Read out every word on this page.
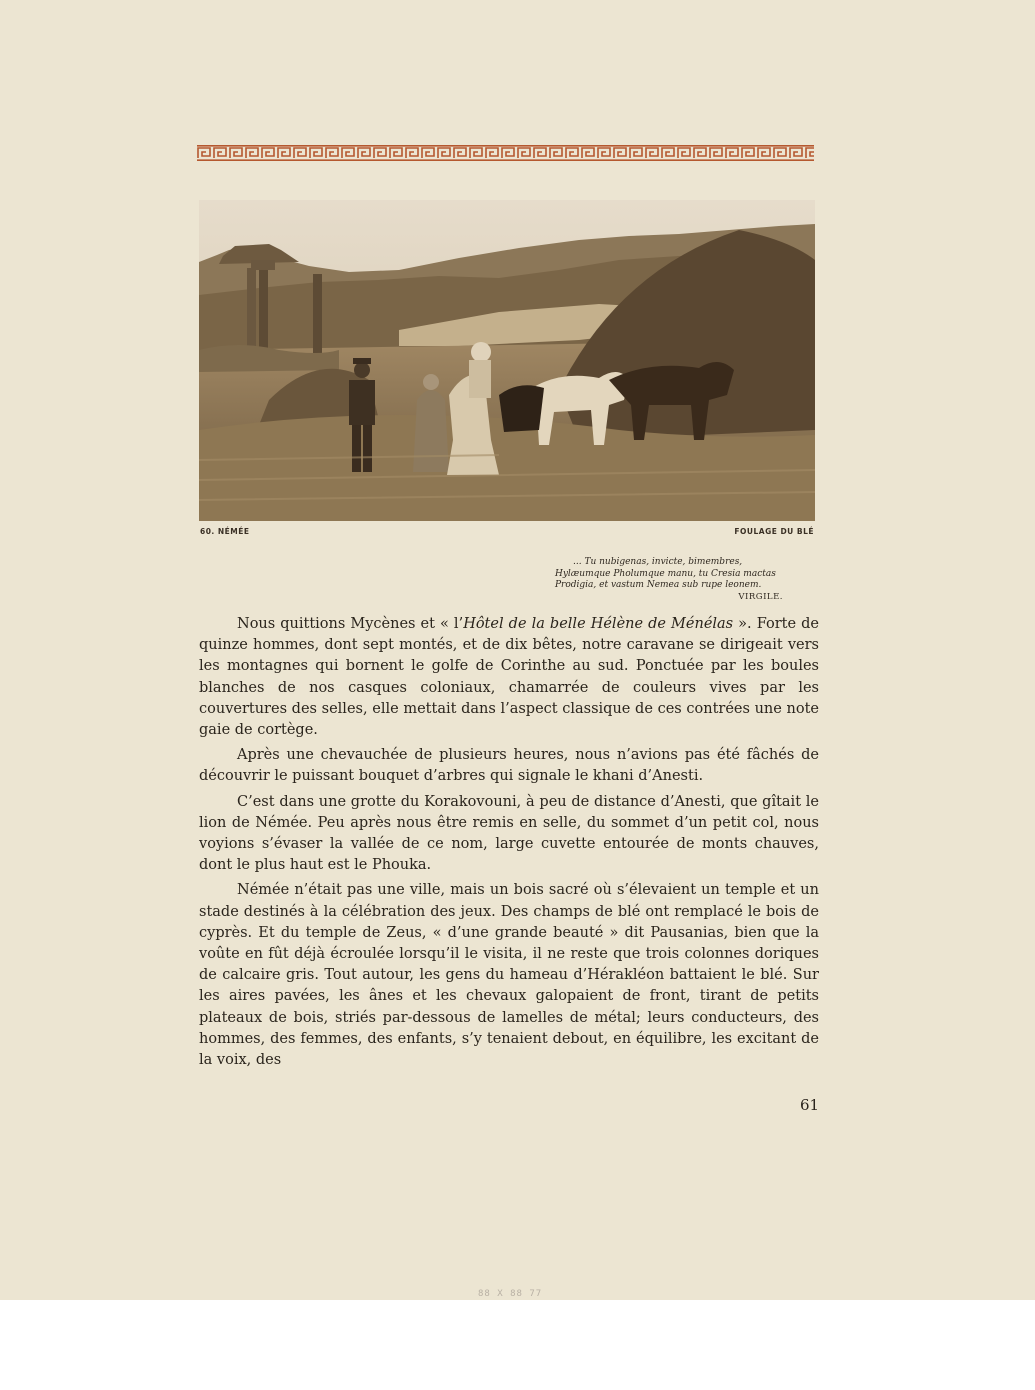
60. NÉMÉE	FOULAGE DU BLÉ
... Tu nubigenas, invicte, bimembres,
Hylæumque Pholumque manu, tu Cresia mactas
Prodigia, et vastum Nemea sub rupe leonem.
VIRGILE.

Nous quittions Mycènes et « l’Hôtel de la belle Hélène de Ménélas ». Forte de quinze hommes, dont sept montés, et de dix bêtes, notre caravane se dirigeait vers les montagnes qui bornent le golfe de Corinthe au sud. Ponctuée par les boules blanches de nos casques coloniaux, chamarrée de couleurs vives par les couvertures des selles, elle mettait dans l’aspect classique de ces contrées une note gaie de cortège.

Après une chevauchée de plusieurs heures, nous n’avions pas été fâchés de découvrir le puissant bouquet d’arbres qui signale le khani d’Anesti.

C’est dans une grotte du Korakovouni, à peu de distance d’Anesti, que gîtait le lion de Némée. Peu après nous être remis en selle, du sommet d’un petit col, nous voyions s’évaser la vallée de ce nom, large cuvette entourée de monts chauves, dont le plus haut est le Phouka.

Némée n’était pas une ville, mais un bois sacré où s’élevaient un temple et un stade destinés à la célébration des jeux. Des champs de blé ont remplacé le bois de cyprès. Et du temple de Zeus, « d’une grande beauté » dit Pausanias, bien que la voûte en fût déjà écroulée lorsqu’il le visita, il ne reste que trois colonnes doriques de calcaire gris. Tout autour, les gens du hameau d’Hérakléon battaient le blé. Sur les aires pavées, les ânes et les chevaux galopaient de front, tirant de petits plateaux de bois, striés par-dessous de lamelles de métal; leurs conducteurs, des hommes, des femmes, des enfants, s’y tenaient debout, en équilibre, les excitant de la voix, des

61
88 X 88 77
